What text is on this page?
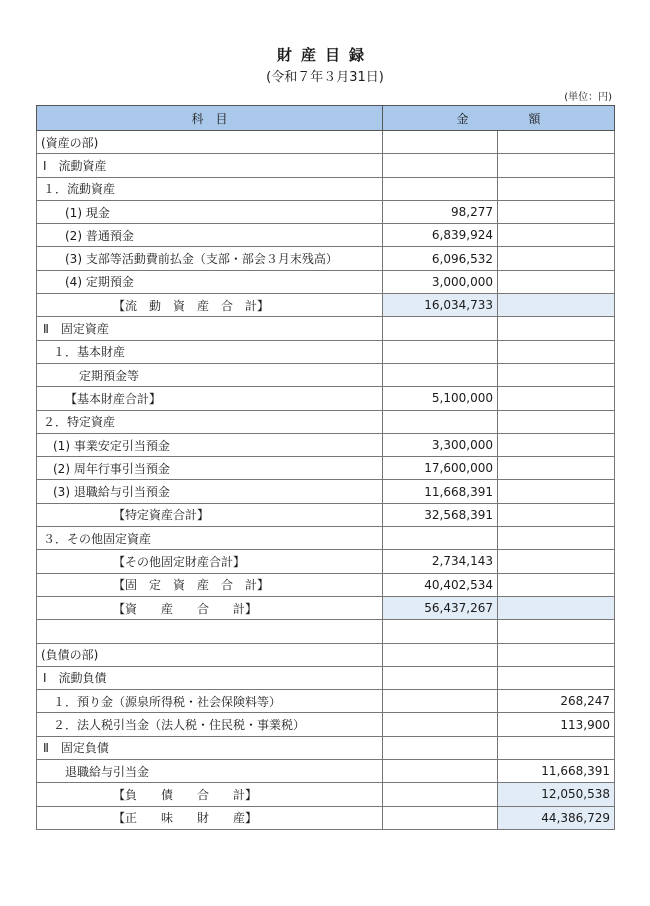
財産目録
(令和７年３月31日)
(単位：円)
科　目	金　　　　　額	
(資産の部)		
Ⅰ　流動資産		
１．流動資産		
(1) 現金	98,277	
(2) 普通預金	6,839,924	
(3) 支部等活動費前払金（支部・部会３月末残高）	6,096,532	
(4) 定期預金	3,000,000	
【流　動　資　産　合　計】	16,034,733	
Ⅱ　固定資産		
１．基本財産		
定期預金等		
【基本財産合計】	5,100,000	
２．特定資産		
(1) 事業安定引当預金	3,300,000	
(2) 周年行事引当預金	17,600,000	
(3) 退職給与引当預金	11,668,391	
【特定資産合計】	32,568,391	
３．その他固定資産		
【その他固定財産合計】	2,734,143	
【固　定　資　産　合　計】	40,402,534	
【資　　産　　合　　計】	56,437,267	

(負債の部)		
Ⅰ　流動負債		
１．預り金（源泉所得税・社会保険料等）		268,247
２．法人税引当金（法人税・住民税・事業税）		113,900
Ⅱ　固定負債		
退職給与引当金		11,668,391
【負　　債　　合　　計】		12,050,538
【正　　味　　財　　産】		44,386,729
